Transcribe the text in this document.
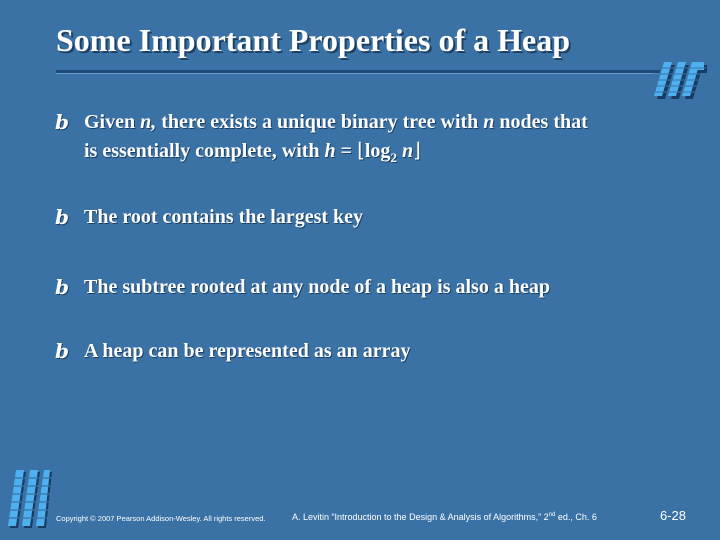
Some Important Properties of a Heap
b Given n, there exists a unique binary tree with n nodes that
is essentially complete, with $h = ⌊\log_2$ n⌋
b The root contains the largest key
b The subtree rooted at any node of a heap is also a heap
b A heap can be represented as an array
Copyright © 2007 Pearson Addison-Wesley. All rights reserved.	A. Levitin “Introduction to the Design & Analysis of Algorithms,” 2nd ed., Ch. 6	6-28
